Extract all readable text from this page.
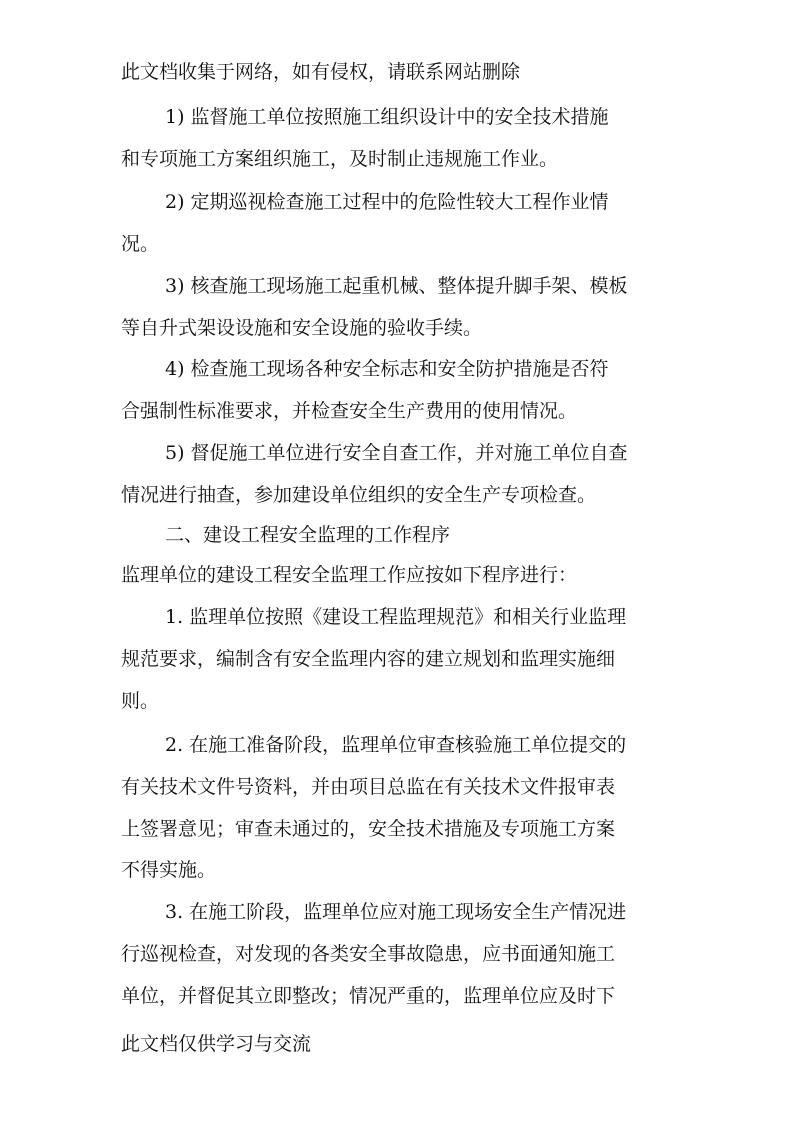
此文档收集于网络，如有侵权，请联系网站删除
1) 监督施工单位按照施工组织设计中的安全技术措施
和专项施工方案组织施工，及时制止违规施工作业。
2) 定期巡视检查施工过程中的危险性较大工程作业情
况。
3) 核查施工现场施工起重机械、整体提升脚手架、模板
等自升式架设设施和安全设施的验收手续。
4) 检查施工现场各种安全标志和安全防护措施是否符
合强制性标准要求，并检查安全生产费用的使用情况。
5) 督促施工单位进行安全自查工作，并对施工单位自查
情况进行抽查，参加建设单位组织的安全生产专项检查。
二、建设工程安全监理的工作程序
监理单位的建设工程安全监理工作应按如下程序进行：
1. 监理单位按照《建设工程监理规范》和相关行业监理
规范要求，编制含有安全监理内容的建立规划和监理实施细
则。
2. 在施工准备阶段，监理单位审查核验施工单位提交的
有关技术文件号资料，并由项目总监在有关技术文件报审表
上签署意见；审查未通过的，安全技术措施及专项施工方案
不得实施。
3. 在施工阶段，监理单位应对施工现场安全生产情况进
行巡视检查，对发现的各类安全事故隐患，应书面通知施工
单位，并督促其立即整改；情况严重的，监理单位应及时下
此文档仅供学习与交流
